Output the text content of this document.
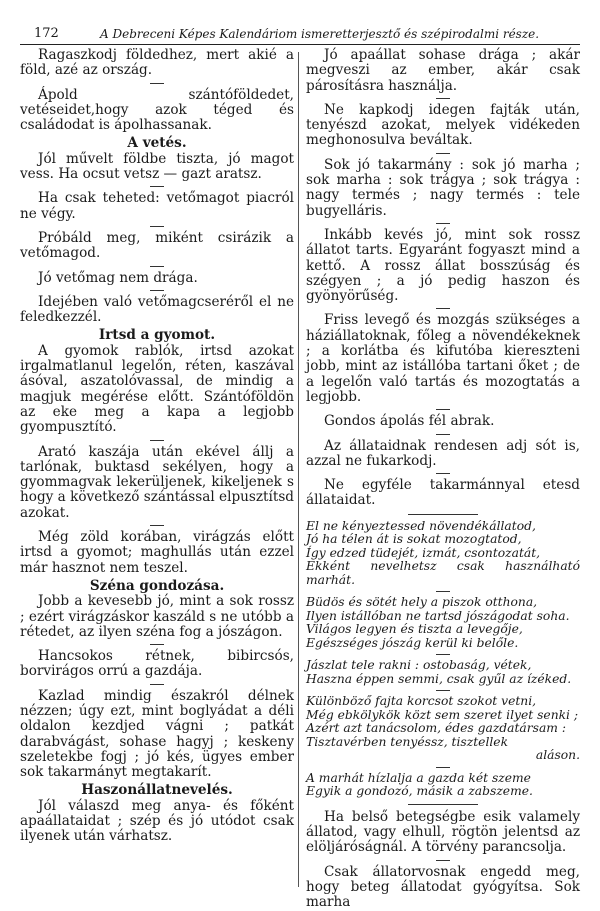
172	A Debreceni Képes Kalendáriom ismeretterjesztő és szépirodalmi része.

Ragaszkodj földedhez, mert akié a föld, azé az ország.

Ápold szántóföldedet, vetéseidet,hogy azok téged és családodat is ápolhassanak.

A vetés.

Jól művelt földbe tiszta, jó magot vess. Ha ocsut vetsz — gazt aratsz.

Ha csak teheted: vetőmagot piacról ne végy.

Próbáld meg, miként csirázik a vetőmagod.

Jó vetőmag nem drága.

Idejében való vetőmagcseréről el ne feledkezzél.

Irtsd a gyomot.

A gyomok rablók, irtsd azokat irgalmatlanul legelőn, réten, kaszával ásóval, aszatolóvassal, de mindig a magjuk megérése előtt. Szántóföldön az eke meg a kapa a legjobb gyompusztító.

Arató kaszája után ekével állj a tarlónak, buktasd sekélyen, hogy a gyommagvak lekerüljenek, kikeljenek s hogy a következő szántással elpusztítsd azokat.

Még zöld korában, virágzás előtt irtsd a gyomot; maghullás után ezzel már hasznot nem teszel.

Széna gondozása.

Jobb a kevesebb jó, mint a sok rossz ; ezért virágzáskor kaszáld s ne utóbb a rétedet, az ilyen széna fog a jószágon.

Hancsokos rétnek, bibircsós, borvirágos orrú a gazdája.

Kazlad mindig északról délnek nézzen; úgy ezt, mint boglyádat a déli oldalon kezdjed vágni ; patkát darabvágást, sohase hagyj ; keskeny szeletekbe fogj ; jó kés, ügyes ember sok takarmányt megtakarít.

Haszonállatnevelés.

Jól válaszd meg anya- és főként apaállataidat ; szép és jó utódot csak ilyenek után várhatsz.

Jó apaállat sohase drága ; akár megveszi az ember, akár csak párosításra használja.

Ne kapkodj idegen fajták után, tenyészd azokat, melyek vidékeden meghonosulva beváltak.

Sok jó takarmány : sok jó marha ; sok marha : sok trágya ; sok trágya : nagy termés ; nagy termés : tele bugyelláris.

Inkább kevés jó, mint sok rossz állatot tarts. Egyaránt fogyaszt mind a kettő. A rossz állat bosszúság és szégyen ; a jó pedig haszon és gyönyörűség.

Friss levegő és mozgás szükséges a háziállatoknak, főleg a növendékeknek ; a korlátba és kifutóba kiereszteni jobb, mint az istállóba tartani őket ; de a legelőn való tartás és mozogtatás a legjobb.

Gondos ápolás fél abrak.

Az állataidnak rendesen adj sót is, azzal ne fukarkodj.

Ne egyféle takarmánnyal etesd állataidat.

El ne kényeztessed növendékállatod,

Jó ha télen át is sokat mozogtatod,

Így edzed tüdejét, izmát, csontozatát,

Ekként nevelhetsz csak használható marhát.

Büdös és sötét hely a piszok otthona,

Ilyen istállóban ne tartsd jószágodat soha.

Világos legyen és tiszta a levegője,

Egészséges jószág kerül ki belőle.

Jászlat tele rakni : ostobaság, vétek,

Haszna éppen semmi, csak gyűl az ízéked.

Különböző fajta korcsot szokot vetni,

Még ebkölykök közt sem szeret ilyet senki ;

Azért azt tanácsolom, édes gazdatársam :

Tisztavérben tenyéssz, tisztellek

aláson.

A marhát hízlalja a gazda két szeme

Egyik a gondozó, másik a zabszeme.

Ha belső betegségbe esik valamely állatod, vagy elhull, rögtön jelentsd az elöljáróságnál. A törvény parancsolja.

Csak állatorvosnak engedd meg, hogy beteg állatodat gyógyítsa. Sok marha
